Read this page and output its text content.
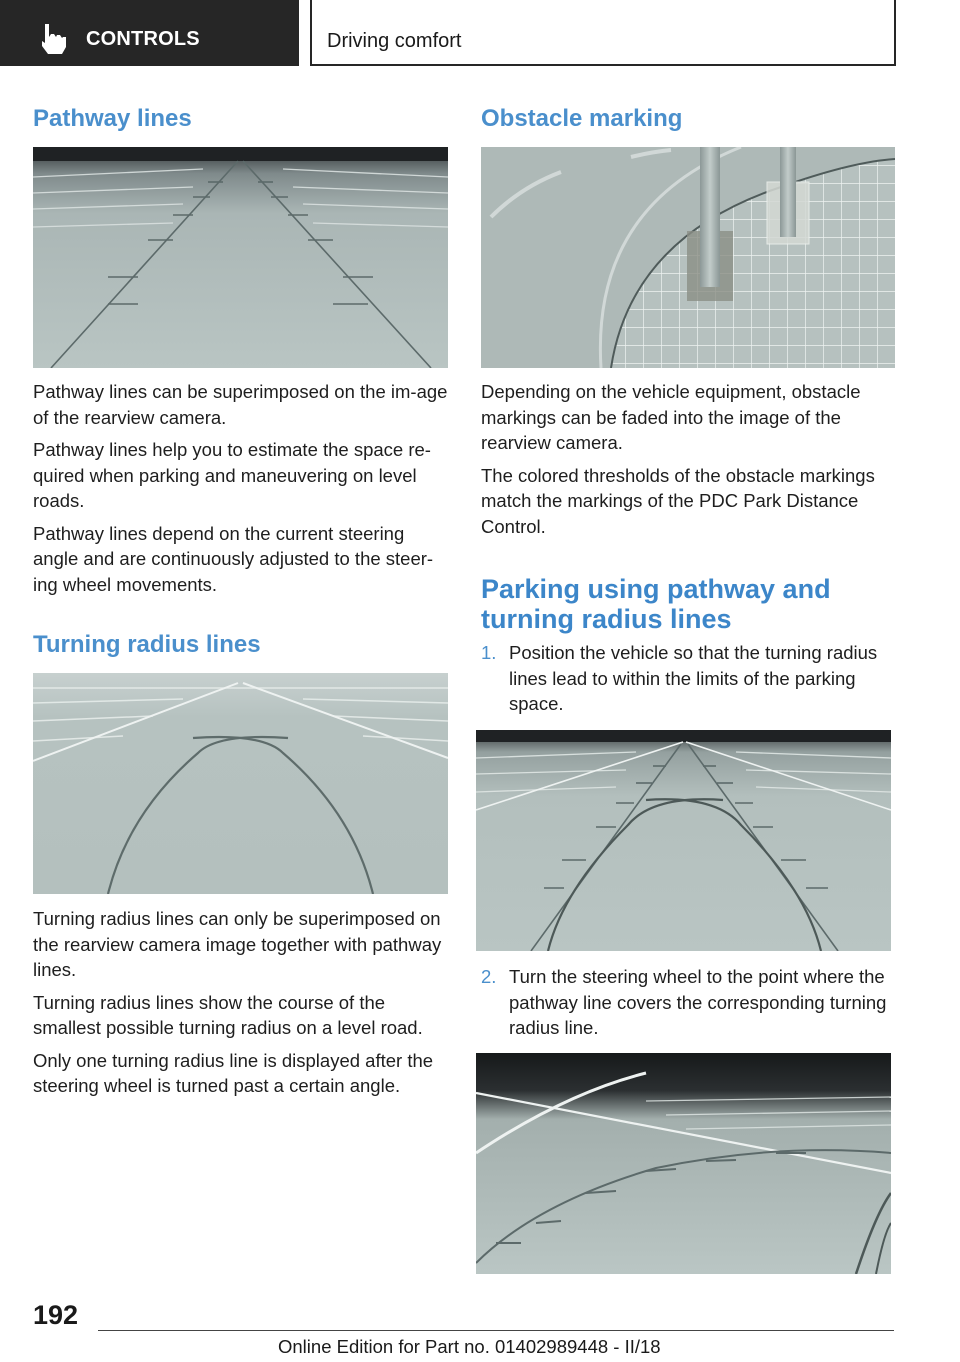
CONTROLS	Driving comfort
Pathway lines

Pathway lines can be superimposed on the im‐age of the rearview camera.

Pathway lines help you to estimate the space re‐quired when parking and maneuvering on level roads.

Pathway lines depend on the current steering angle and are continuously adjusted to the steer‐ing wheel movements.

Turning radius lines

Turning radius lines can only be superimposed on the rearview camera image together with pathway lines.

Turning radius lines show the course of the smallest possible turning radius on a level road.

Only one turning radius line is displayed after the steering wheel is turned past a certain angle.

Obstacle marking

Depending on the vehicle equipment, obstacle markings can be faded into the image of the rearview camera.

The colored thresholds of the obstacle markings match the markings of the PDC Park Distance Control.

Parking using pathway and
turning radius lines
1. Position the vehicle so that the turning radius lines lead to within the limits of the parking space.
2. Turn the steering wheel to the point where the pathway line covers the corresponding turning radius line.
192
Online Edition for Part no. 01402989448 - II/18
